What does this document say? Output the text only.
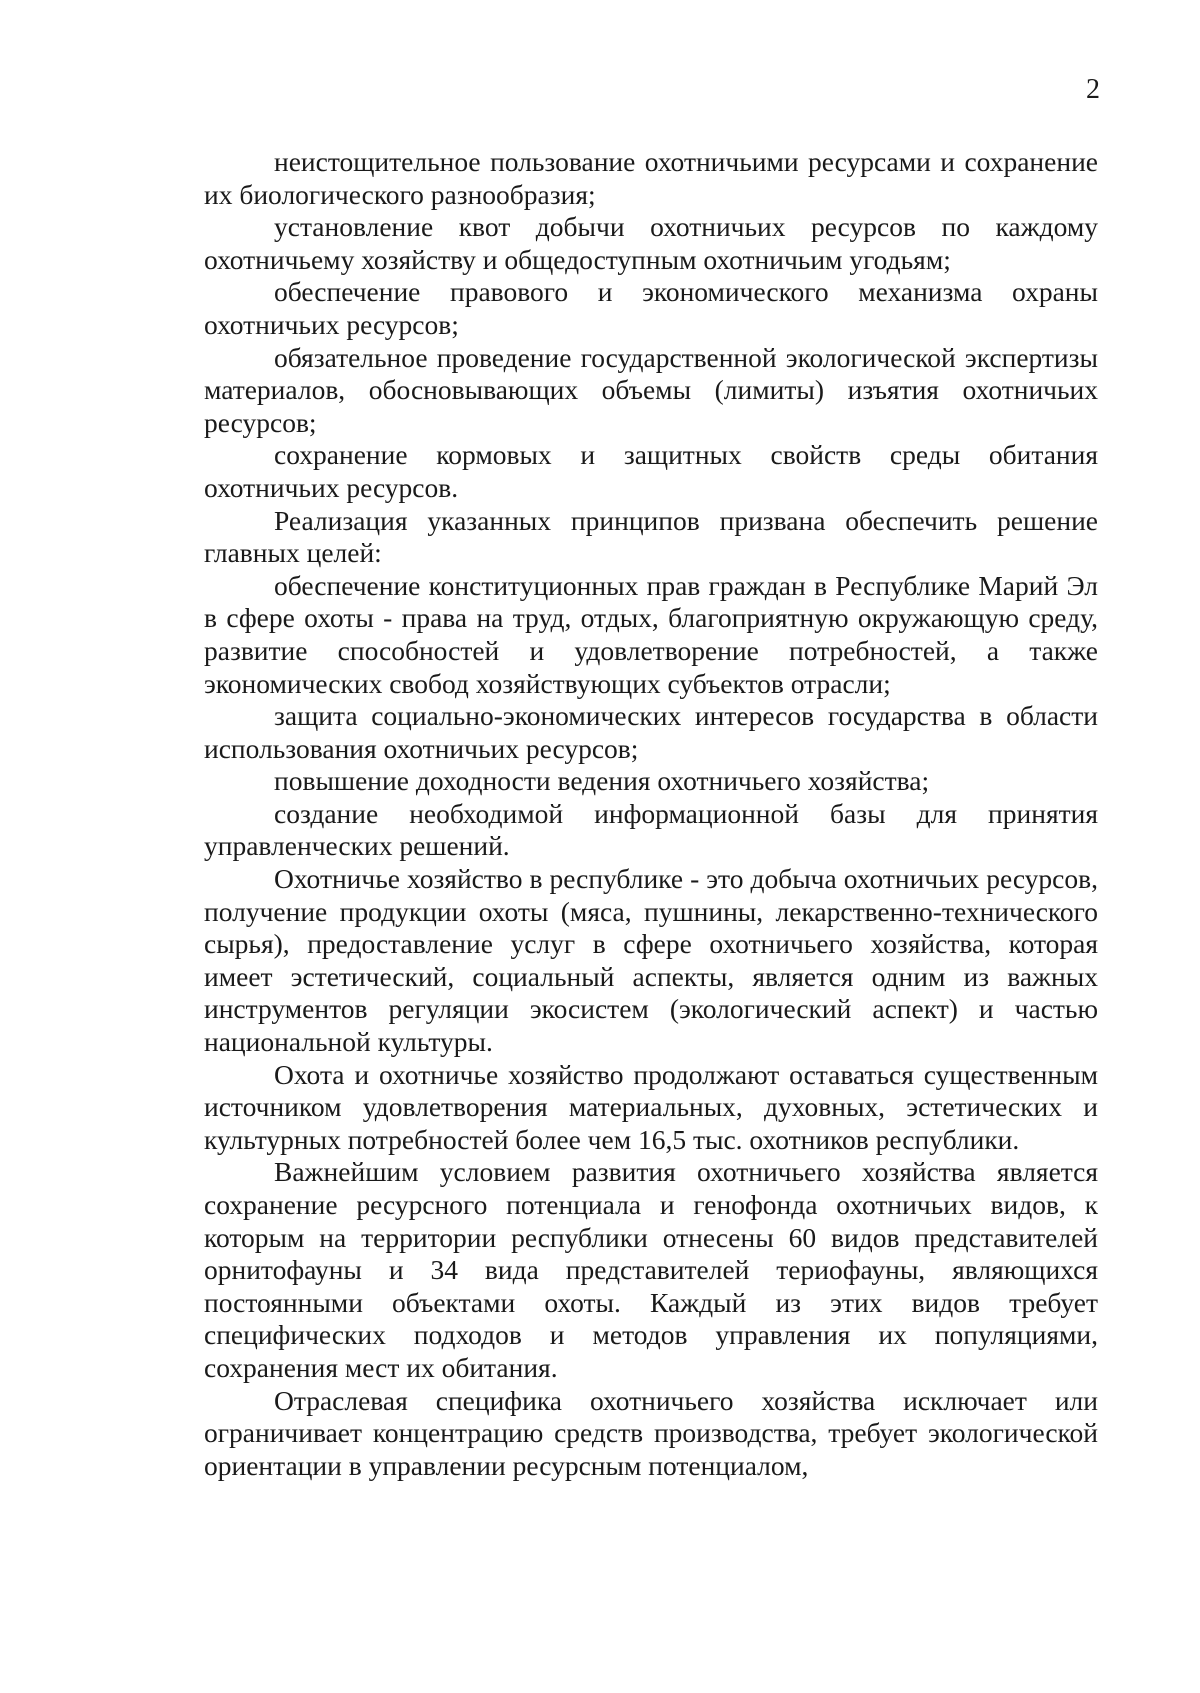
2

неистощительное пользование охотничьими ресурсами и сохранение их биологического разнообразия;

установление квот добычи охотничьих ресурсов по каждому охотничьему хозяйству и общедоступным охотничьим угодьям;

обеспечение правового и экономического механизма охраны охотничьих ресурсов;

обязательное проведение государственной экологической экспертизы материалов, обосновывающих объемы (лимиты) изъятия охотничьих ресурсов;

сохранение кормовых и защитных свойств среды обитания охотничьих ресурсов.

Реализация указанных принципов призвана обеспечить решение главных целей:

обеспечение конституционных прав граждан в Республике Марий Эл в сфере охоты - права на труд, отдых, благоприятную окружающую среду, развитие способностей и удовлетворение потребностей, а также экономических свобод хозяйствующих субъектов отрасли;

защита социально-экономических интересов государства в области использования охотничьих ресурсов;

повышение доходности ведения охотничьего хозяйства;

создание необходимой информационной базы для принятия управленческих решений.

Охотничье хозяйство в республике - это добыча охотничьих ресурсов, получение продукции охоты (мяса, пушнины, лекарственно-технического сырья), предоставление услуг в сфере охотничьего хозяйства, которая имеет эстетический, социальный аспекты, является одним из важных инструментов регуляции экосистем (экологический аспект) и частью национальной культуры.

Охота и охотничье хозяйство продолжают оставаться существенным источником удовлетворения материальных, духовных, эстетических и культурных потребностей более чем 16,5 тыс. охотников республики.

Важнейшим условием развития охотничьего хозяйства является сохранение ресурсного потенциала и генофонда охотничьих видов, к которым на территории республики отнесены 60 видов представителей орнитофауны и 34 вида представителей териофауны, являющихся постоянными объектами охоты. Каждый из этих видов требует специфических подходов и методов управления их популяциями, сохранения мест их обитания.

Отраслевая специфика охотничьего хозяйства исключает или ограничивает концентрацию средств производства, требует экологической ориентации в управлении ресурсным потенциалом,
